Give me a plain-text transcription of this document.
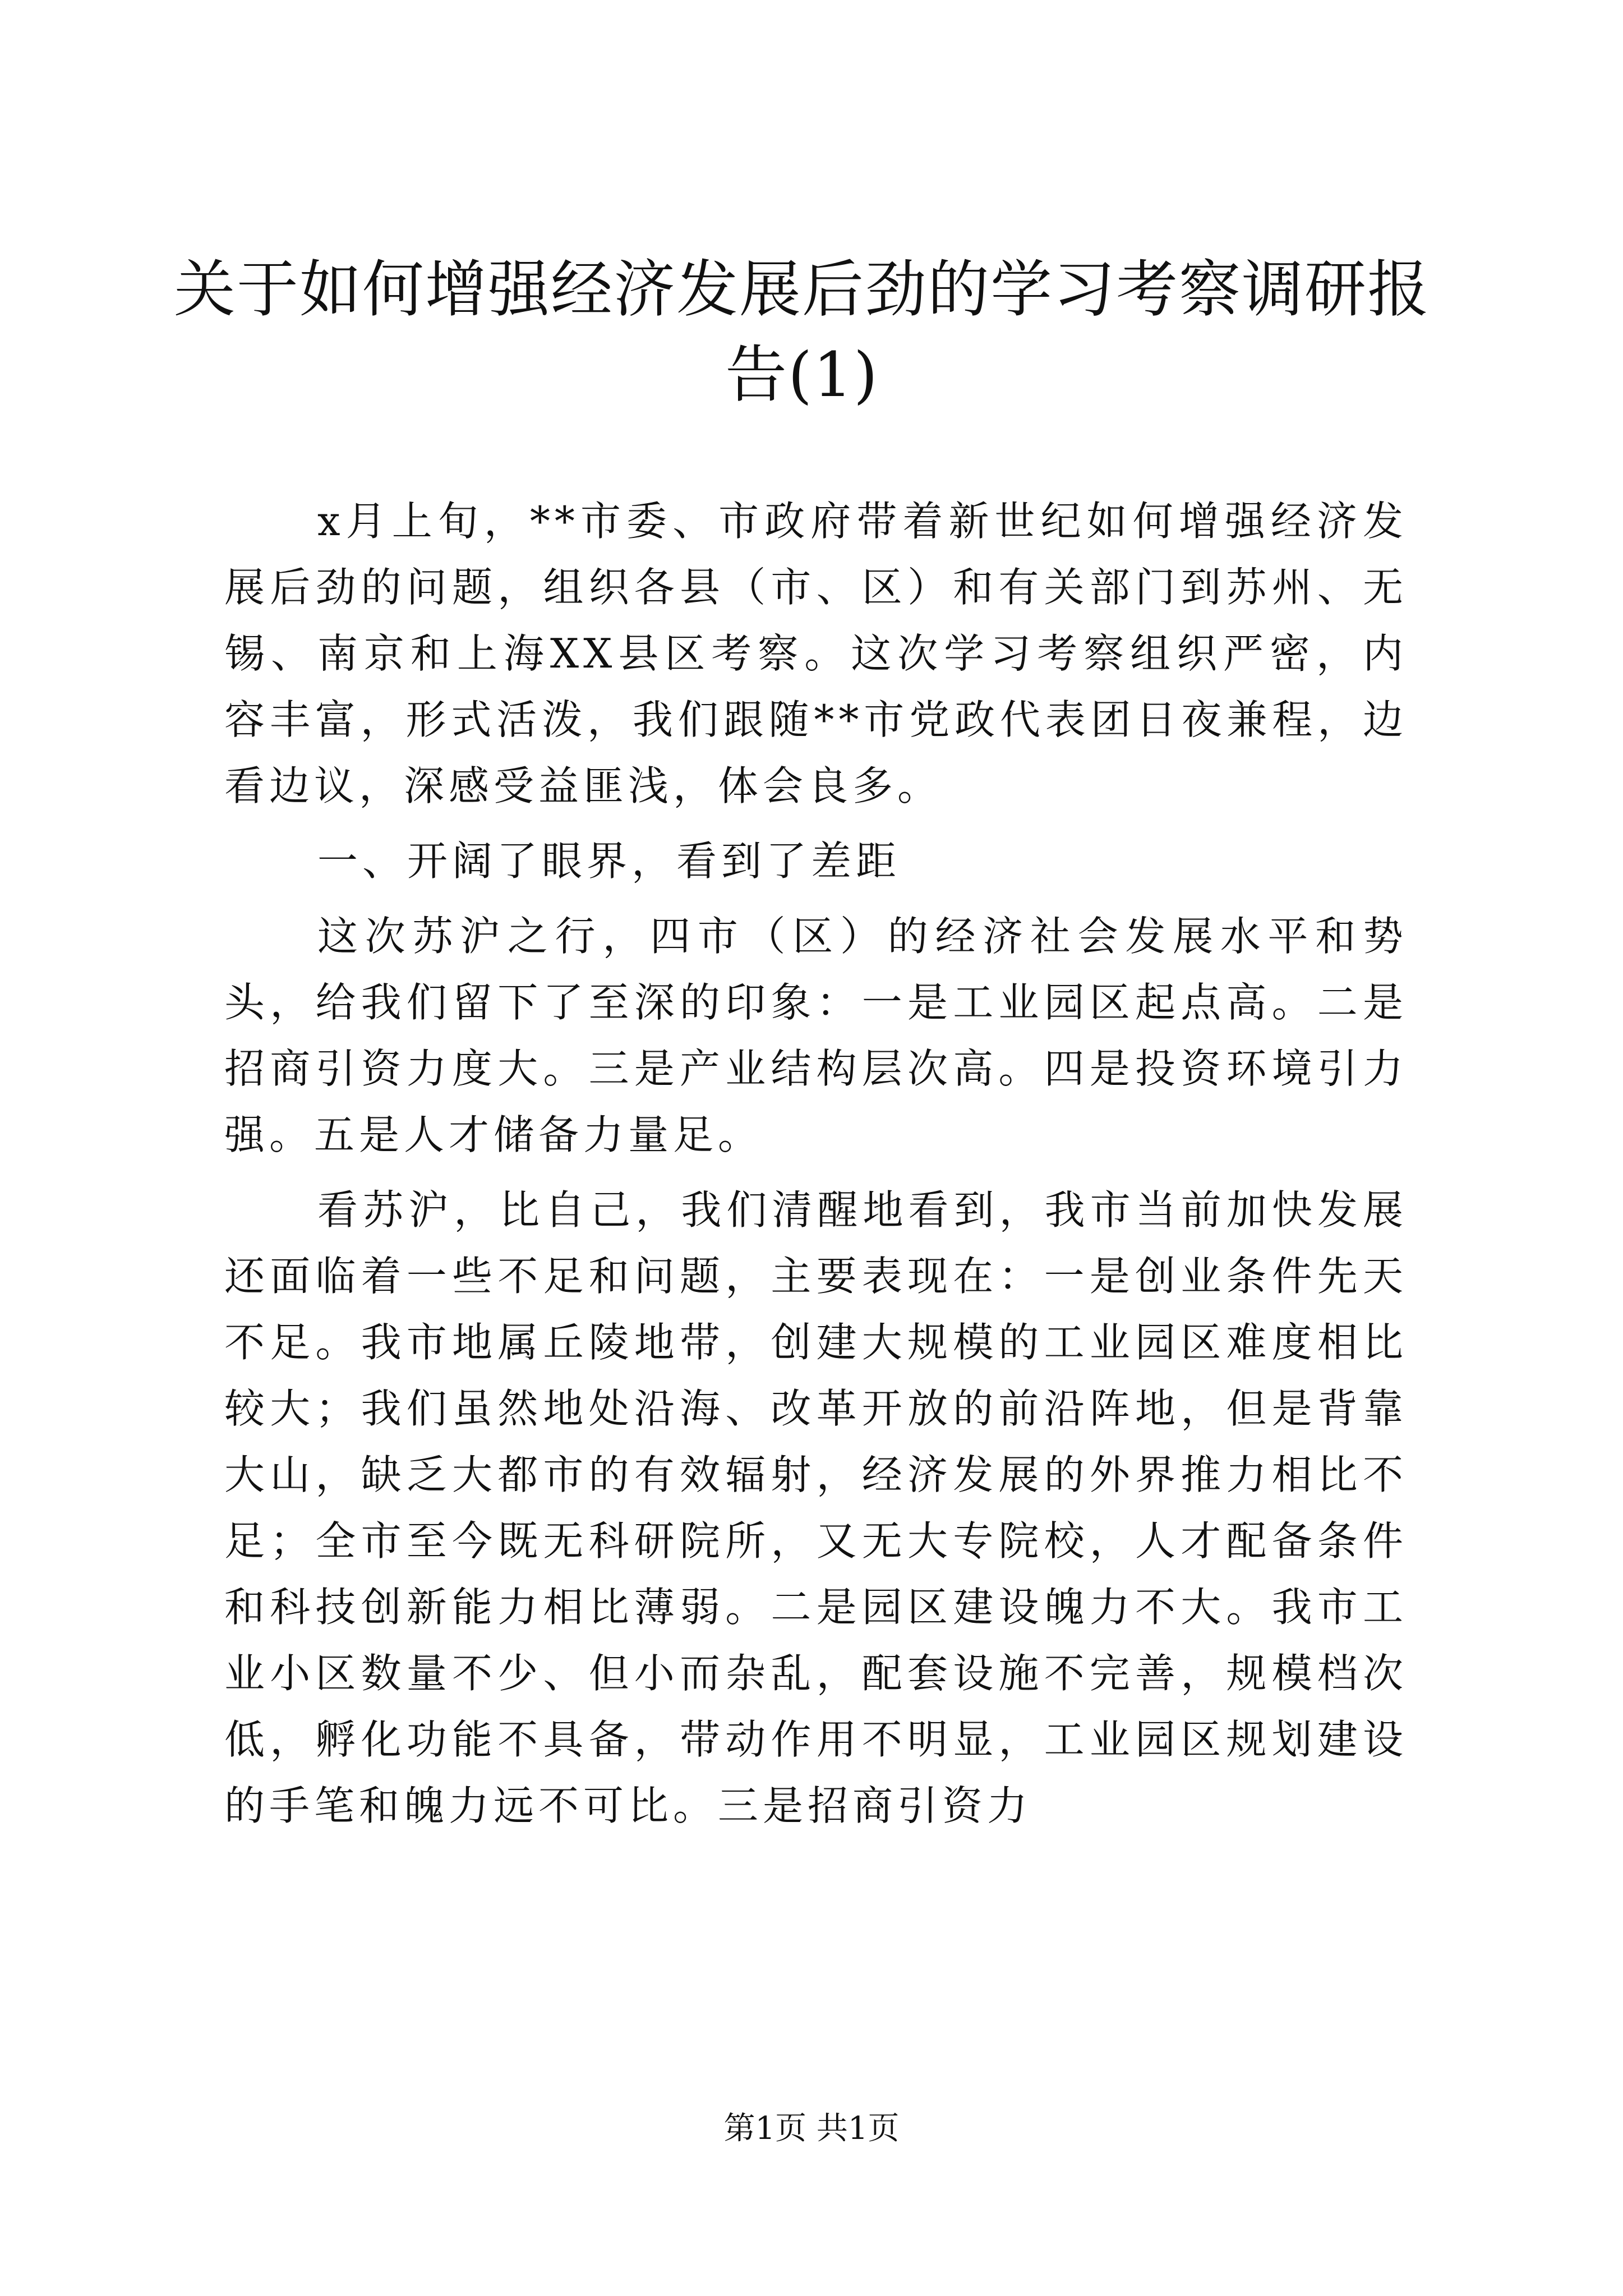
关于如何增强经济发展后劲的学习考察调研报告(1)

x月上旬，**市委、市政府带着新世纪如何增强经济发展后劲的问题，组织各县（市、区）和有关部门到苏州、无锡、南京和上海XX县区考察。这次学习考察组织严密，内容丰富，形式活泼，我们跟随**市党政代表团日夜兼程，边看边议，深感受益匪浅，体会良多。

一、开阔了眼界，看到了差距

这次苏沪之行，四市（区）的经济社会发展水平和势头，给我们留下了至深的印象：一是工业园区起点高。二是招商引资力度大。三是产业结构层次高。四是投资环境引力强。五是人才储备力量足。

看苏沪，比自己，我们清醒地看到，我市当前加快发展还面临着一些不足和问题，主要表现在：一是创业条件先天不足。我市地属丘陵地带，创建大规模的工业园区难度相比较大；我们虽然地处沿海、改革开放的前沿阵地，但是背靠大山，缺乏大都市的有效辐射，经济发展的外界推力相比不足；全市至今既无科研院所，又无大专院校，人才配备条件和科技创新能力相比薄弱。二是园区建设魄力不大。我市工业小区数量不少、但小而杂乱，配套设施不完善，规模档次低，孵化功能不具备，带动作用不明显，工业园区规划建设的手笔和魄力远不可比。三是招商引资力

第1页 共1页
